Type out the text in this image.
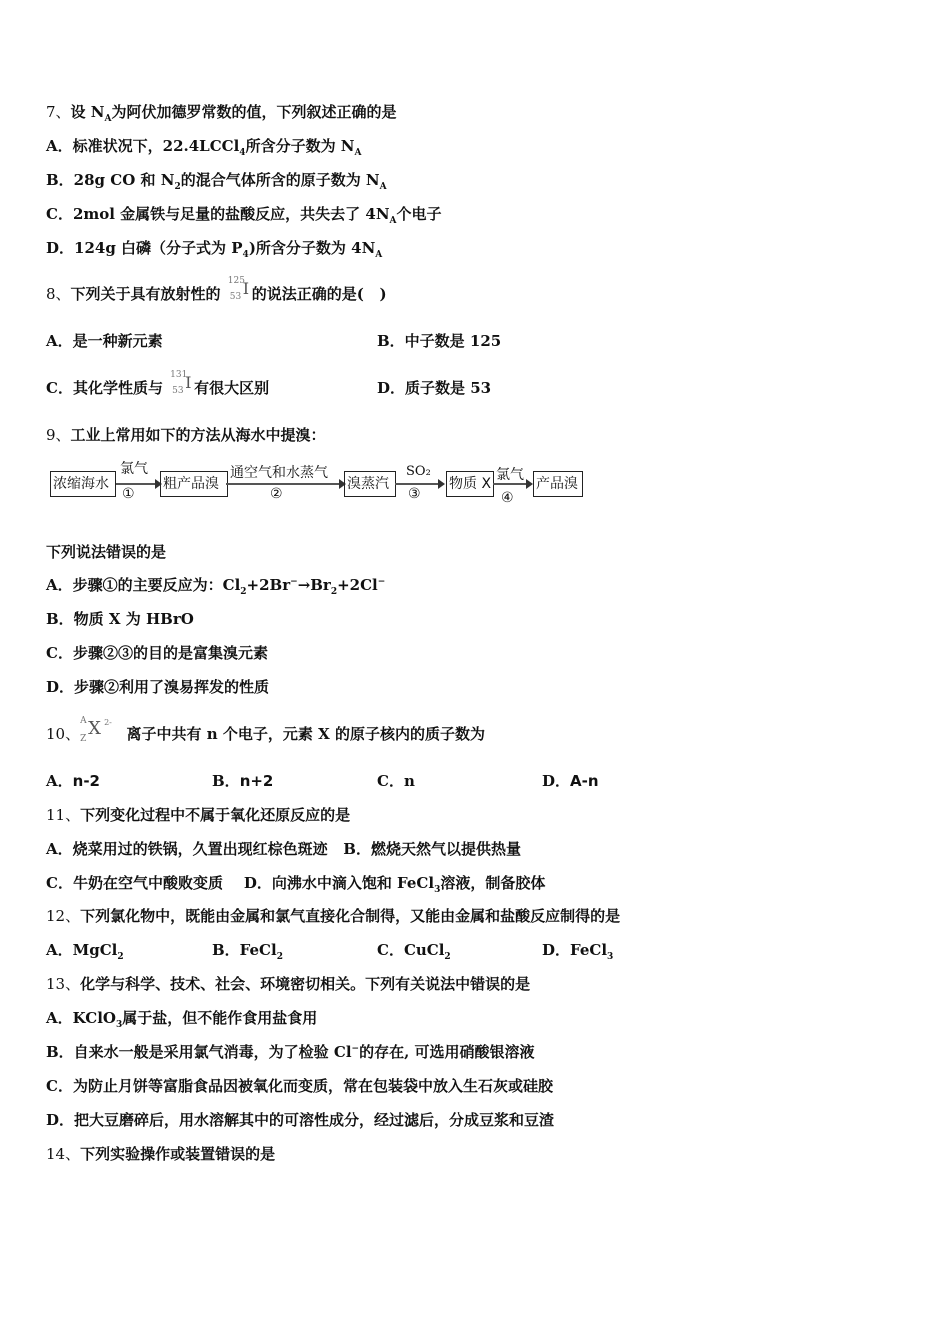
浓缩海水
氯气
①
粗产品溴
通空气和水蒸气
②
溴蒸汽
SO₂
③
物质 X
氯气
④
产品溴
7、设 $N_A$为阿伏加德罗常数的值，下列叙述正确的是
A．标准状况下，22.4LCCl$_4$所含分子数为 $N_A$
B．28g CO 和 $N_2$的混合气体所含的原子数为 $N_A$
C．2mol 金属铁与足量的盐酸反应，共失去了 $4N_A$个电子
D．124g 白磷（分子式为 $P_4$)所含分子数为 $4N_A$
8、下列关于具有放射性的
125
53 I 的说法正确的是(   )
A．是一种新元素	B．中子数是 125
C．其化学性质与
131
53 I 有很大区别	D．质子数是 53
9、工业上常用如下的方法从海水中提溴：
下列说法错误的是
A．步骤①的主要反应为：$Cl_2+2Br^-\to Br_2+2Cl^-$
B．物质 X 为 HBrO
C．步骤②③的目的是富集溴元素
D．步骤②利用了溴易挥发的性质
10、
A
Z X 2-
离子中共有 n 个电子，元素 X 的原子核内的质子数为
A．n-2	B．n+2	C．n	D．A-n
11、下列变化过程中不属于氧化还原反应的是
A．烧菜用过的铁锅，久置出现红棕色斑迹   B．燃烧天然气以提供热量
C．牛奶在空气中酸败变质    D．向沸水中滴入饱和 FeCl$_3$溶液，制备胶体
12、下列氯化物中，既能由金属和氯气直接化合制得，又能由金属和盐酸反应制得的是
A．MgCl$_2$	B．FeCl$_2$	C．CuCl$_2$	D．FeCl$_3$
13、化学与科学、技术、社会、环境密切相关。下列有关说法中错误的是
A．KClO$_3$属于盐，但不能作食用盐食用
B．自来水一般是采用氯气消毒，为了检验 Cl−的存在, 可选用硝酸银溶液
C．为防止月饼等富脂食品因被氧化而变质，常在包装袋中放入生石灰或硅胶
D．把大豆磨碎后，用水溶解其中的可溶性成分，经过滤后，分成豆浆和豆渣
14、下列实验操作或装置错误的是
